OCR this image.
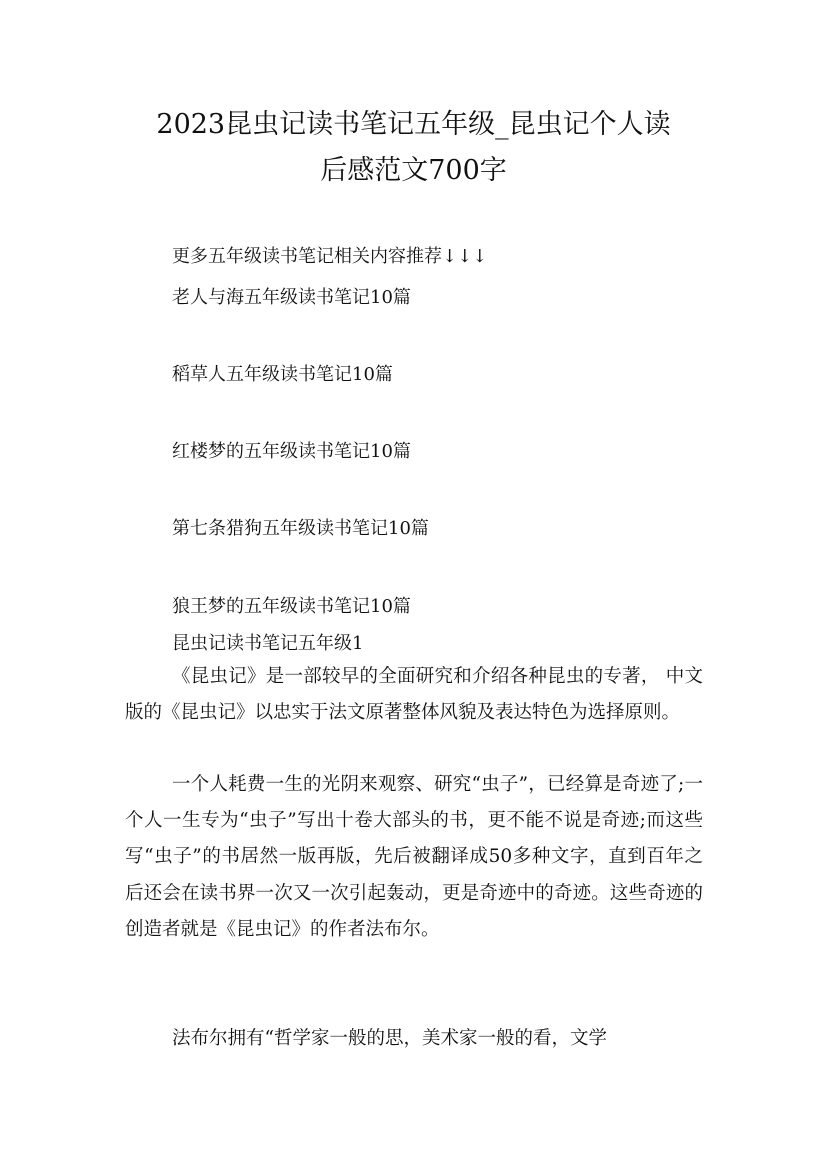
2023昆虫记读书笔记五年级_昆虫记个人读
后感范文700字
更多五年级读书笔记相关内容推荐↓↓↓
老人与海五年级读书笔记10篇
稻草人五年级读书笔记10篇
红楼梦的五年级读书笔记10篇
第七条猎狗五年级读书笔记10篇
狼王梦的五年级读书笔记10篇
昆虫记读书笔记五年级1

《昆虫记》是一部较早的全面研究和介绍各种昆虫的专著， 中文版的《昆虫记》以忠实于法文原著整体风貌及表达特色为选择原则。

一个人耗费一生的光阴来观察、研究“虫子”，已经算是奇迹了;一个人一生专为“虫子”写出十卷大部头的书，更不能不说是奇迹;而这些写“虫子”的书居然一版再版，先后被翻译成50多种文字，直到百年之后还会在读书界一次又一次引起轰动，更是奇迹中的奇迹。这些奇迹的创造者就是《昆虫记》的作者法布尔。

法布尔拥有“哲学家一般的思，美术家一般的看，文学
